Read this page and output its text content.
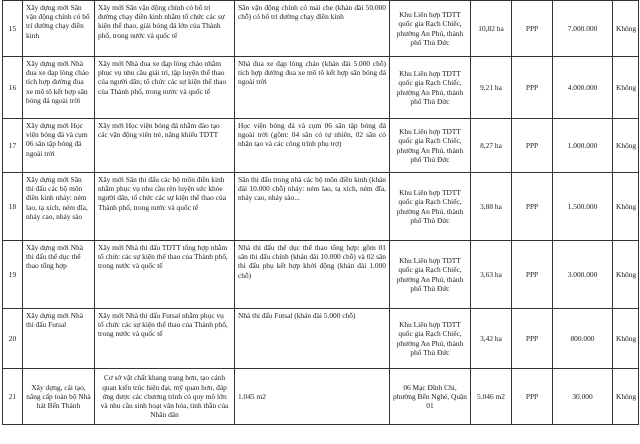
15	Xây dựng mới Sân vận động chính có bố trí đường chạy điền kinh	Xây mới Sân vận động chính có bố trí đường chạy điền kinh nhằm tổ chức các sự kiện thể thao, giải bóng đá lớn của Thành phố, trong nước và quốc tế	Sân vận động chính có mái che (khán đài 50.000 chỗ) có bố trí đường chạy điền kinh	Khu Liên hợp TDTT quốc gia Rạch Chiếc, phường An Phú, thành phố Thủ Đức	10,82 ha	PPP	7.000.000	Không
16	Xây dựng mới Nhà đua xe đạp lòng chảo tích hợp đường đua xe mô tô kết hợp sân bóng đá ngoài trời	Xây mới Nhà đua xe đạp lòng chảo nhằm phục vụ nhu cầu giải trí, tập luyện thể thao của người dân; tổ chức các sự kiện thể thao của Thành phố, trong nước và quốc tế	Nhà đua xe đạp lòng chảo (khán đài 5.000 chỗ) tích hợp đường đua xe mô tô kết hợp sân bóng đá ngoài trời	Khu Liên hợp TDTT quốc gia Rạch Chiếc, phường An Phú, thành phố Thủ Đức	9,21 ha	PPP	4.000.000	Không
17	Xây dựng mới Học viện bóng đá và cụm 06 sân tập bóng đá ngoài trời	Xây mới Học viện bóng đá nhằm đào tạo các vận động viên trẻ, năng khiếu TDTT	Học viện bóng đá và cụm 06 sân tập bóng đá ngoài trời (gồm: 04 sân cỏ tự nhiên, 02 sân cỏ nhân tạo và các công trình phụ trợ)	Khu Liên hợp TDTT quốc gia Rạch Chiếc, phường An Phú, thành phố Thủ Đức	8,27 ha	PPP	1.000.000	Không
18	Xây dựng mới Sân thi đấu các bộ môn điền kinh nhảy: ném lao, tạ xích, ném đĩa, nhảy cao, nhảy sào	Xây mới Sân thi đấu các bộ môn điền kinh nhằm phục vụ nhu cầu rèn luyện sức khỏe người dân, tổ chức các sự kiện thể thao của Thành phố, trong nước và quốc tế	Sân thi đấu trong nhà các bộ môn điền kinh (khán đài 10.000 chỗ) nhảy: ném lao, tạ xích, ném đĩa, nhảy cao, nhảy sào...	Khu Liên hợp TDTT quốc gia Rạch Chiếc, phường An Phú, thành phố Thủ Đức	3,88 ha	PPP	1.500.000	Không
19	Xây dựng mới Nhà thi đấu thể dục thể thao tổng hợp	Xây mới Nhà thi đấu TDTT tổng hợp nhằm tổ chức các sự kiện thể thao của Thành phố, trong nước và quốc tế	Nhà thi đấu thể dục thể thao tổng hợp: gồm 01 sân thi đấu chính (khán đài 10.000 chỗ) và 02 sân thi đấu phụ kết hợp khởi động (khán đài 1.000 chỗ)	Khu Liên hợp TDTT quốc gia Rạch Chiếc, phường An Phú, thành phố Thủ Đức	3,63 ha	PPP	3.000.000	Không
20	Xây dựng mới Nhà thi đấu Futsal	Xây mới Nhà thi đấu Futsal nhằm phục vụ tổ chức các sự kiện thể thao của Thành phố, trong nước và quốc tế	Nhà thi đấu Futsal (khán đài 5.000 chỗ)	Khu Liên hợp TDTT quốc gia Rạch Chiếc, phường An Phú, thành phố Thủ Đức	3,42 ha	PPP	800.000	Không
21	Xây dựng, cải tạo, nâng cấp toàn bộ Nhà hát Bến Thành	Cơ sở vật chất khang trang hơn, tạo cảnh quan kiến trúc hiện đại, mỹ quan hơn, đáp ứng được các chương trình có quy mô lớn và nhu cầu sinh hoạt văn hóa, tinh thần của Nhân dân	1.045 m2	06 Mạc Đĩnh Chi, phường Bến Nghé, Quận 01	5.046 m2	PPP	30.000	Không
